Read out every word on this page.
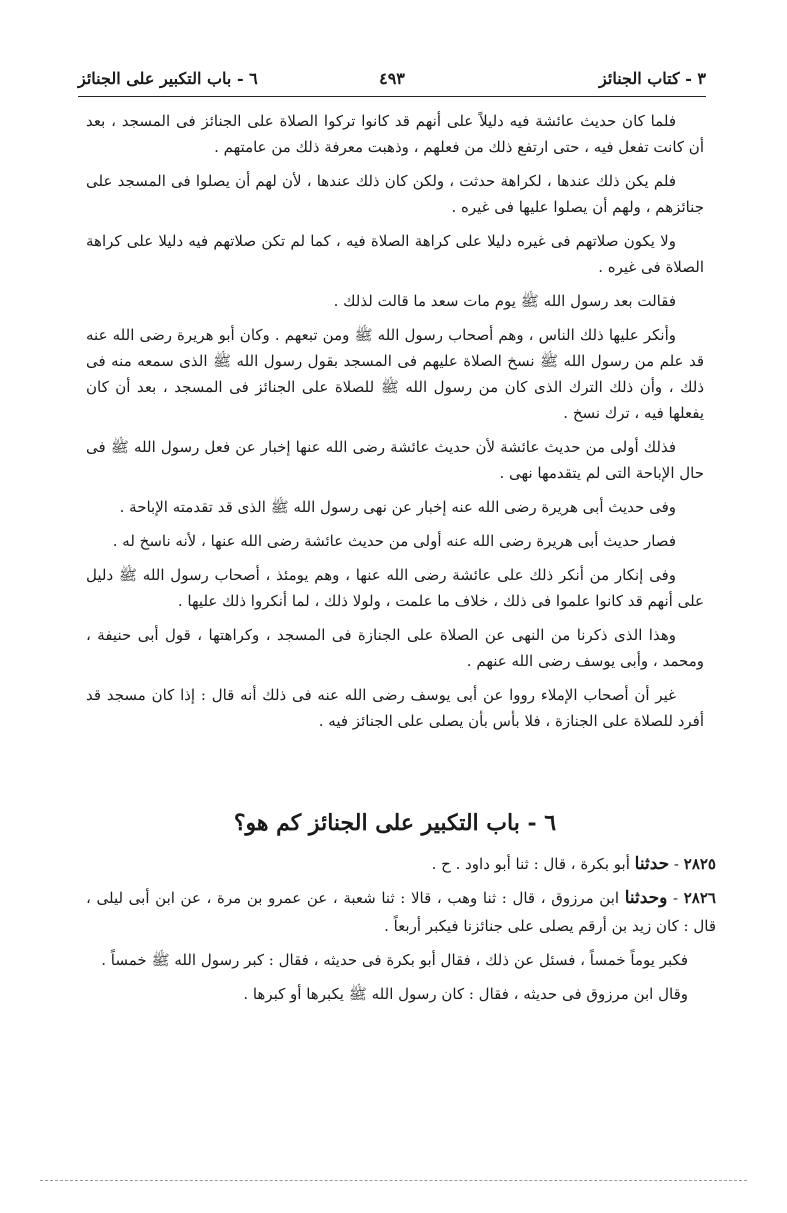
٣ - كتاب الجنائز
٤٩٣
٦ - باب التكبير على الجنائز

فلما كان حديث عائشة فيه دليلاً على أنهم قد كانوا تركوا الصلاة على الجنائز فى المسجد ، بعد أن كانت تفعل فيه ، حتى ارتفع ذلك من فعلهم ، وذهبت معرفة ذلك من عامتهم .

فلم يكن ذلك عندها ، لكراهة حدثت ، ولكن كان ذلك عندها ، لأن لهم أن يصلوا فى المسجد على جنائزهم ، ولهم أن يصلوا عليها فى غيره .

ولا يكون صلاتهم فى غيره دليلا على كراهة الصلاة فيه ، كما لم تكن صلاتهم فيه دليلا على كراهة الصلاة فى غيره .

فقالت بعد رسول الله ﷺ يوم مات سعد ما قالت لذلك .

وأنكر عليها ذلك الناس ، وهم أصحاب رسول الله ﷺ ومن تبعهم . وكان أبو هريرة رضى الله عنه قد علم من رسول الله ﷺ نسخ الصلاة عليهم فى المسجد بقول رسول الله ﷺ الذى سمعه منه فى ذلك ، وأن ذلك الترك الذى كان من رسول الله ﷺ للصلاة على الجنائز فى المسجد ، بعد أن كان يفعلها فيه ، ترك نسخ .

فذلك أولى من حديث عائشة لأن حديث عائشة رضى الله عنها إخبار عن فعل رسول الله ﷺ فى حال الإباحة التى لم يتقدمها نهى .

وفى حديث أبى هريرة رضى الله عنه إخبار عن نهى رسول الله ﷺ الذى قد تقدمته الإباحة .

فصار حديث أبى هريرة رضى الله عنه أولى من حديث عائشة رضى الله عنها ، لأنه ناسخ له .

وفى إنكار من أنكر ذلك على عائشة رضى الله عنها ، وهم يومئذ ، أصحاب رسول الله ﷺ دليل على أنهم قد كانوا علموا فى ذلك ، خلاف ما علمت ، ولولا ذلك ، لما أنكروا ذلك عليها .

وهذا الذى ذكرنا من النهى عن الصلاة على الجنازة فى المسجد ، وكراهتها ، قول أبى حنيفة ، ومحمد ، وأبى يوسف رضى الله عنهم .

غير أن أصحاب الإملاء رووا عن أبى يوسف رضى الله عنه فى ذلك أنه قال : إذا كان مسجد قد أفرد للصلاة على الجنازة ، فلا بأس بأن يصلى على الجنائز فيه .

٦ - باب التكبير على الجنائز كم هو؟

٢٨٢٥ - حدثنا أبو بكرة ، قال : ثنا أبو داود . ح .

٢٨٢٦ - وحدثنا ابن مرزوق ، قال : ثنا وهب ، قالا : ثنا شعبة ، عن عمرو بن مرة ، عن ابن أبى ليلى ، قال : كان زيد بن أرقم يصلى على جنائزنا فيكبر أربعاً .

فكبر يوماً خمساً ، فسئل عن ذلك ، فقال أبو بكرة فى حديثه ، فقال : كبر رسول الله ﷺ خمساً .

وقال ابن مرزوق فى حديثه ، فقال : كان رسول الله ﷺ يكبرها أو كبرها .
